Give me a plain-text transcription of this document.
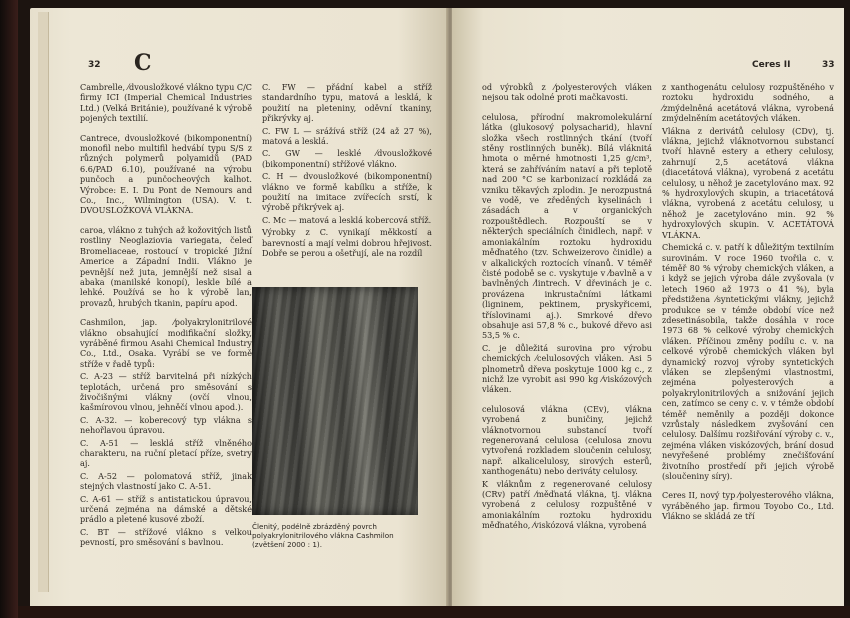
32 C

Cambrelle, ⁄dvousložkové vlákno typu C/C firmy ICI (Imperial Chemical Industries Ltd.) (Velká Británie), používané k výrobě pojených textilií.

Cantrece, dvousložkové (bikomponentní) monofil nebo multifil hedvábí typu S/S z různých polymerů polyamidů (PAD 6.6/PAD 6.10), používané na výrobu punčoch a punčocheových kalhot. Výrobce: E. I. Du Pont de Nemours and Co., Inc., Wilmington (USA). V. t. DVOUSLOŽKOVÁ VLÁKNA.

caroa, vlákno z tuhých až kožovitých listů rostliny Neoglaziovia variegata, čeleď Bromeliaceae, rostoucí v tropické Jižní Americe a Západní Indii. Vlákno je pevnější než juta, jemnější než sisal a abaka (manilské konopí), leskle bílé a lehké. Používá se ho k výrobě lan, provazů, hrubých tkanin, papíru apod.

Cashmilon, jap. ⁄polyakrylonitrilové vlákno obsahující modifikační složky, vyráběné firmou Asahi Chemical Industry Co., Ltd., Osaka. Vyrábí se ve formě stříže v řadě typů:

C. A-23 — stříž barvitelná při nízkých teplotách, určená pro směsování s živočišnými vlákny (ovčí vlnou, kašmírovou vlnou, jehněčí vlnou apod.).

C. A-32. — koberecový typ vlákna s nehořlavou úpravou.

C. A-51 — lesklá stříž vlněného charakteru, na ruční pletací příze, svetry aj.

C. A-52 — polomatová stříž, jinak stejných vlastností jako C. A-51.

C. A-61 — stříž s antistatickou úpravou, určená zejména na dámské a dětské prádlo a pletené kusové zboží.

C. BT — střížové vlákno s velkou pevností, pro směsování s bavlnou.

C. FW — přádní kabel a stříž standardního typu, matová a lesklá, k použití na pleteniny, oděvní tkaniny, přikrývky aj.

C. FW L — srážívá stříž (24 až 27 %), matová a lesklá.

C. GW — lesklé ⁄dvousložkové (bikomponentní) střížové vlákno.

C. H — dvousložkové (bikomponentní) vlákno ve formě kabílku a stříže, k použití na imitace zvířecích srstí, k výrobě přikrývek aj.

C. Mc — matová a lesklá kobercová stříž.

Výrobky z C. vynikají měkkostí a barevností a mají velmi dobrou hřejivost. Dobře se perou a ošetřují, ale na rozdíl

Členitý, podélně zbrázděný povrch polyakrylonitrilového vlákna Cashmilon (zvětšení 2000 : 1).
Ceres II	33

od výrobků z ⁄polyesterových vláken nejsou tak odolné proti mačkavosti.

celulosa, přírodní makromolekulární látka (glukosový polysacharid), hlavní složka všech rostlinných tkání (tvoří stěny rostlinných buněk). Bílá vláknitá hmota o měrné hmotnosti 1,25 g/cm³, která se zahříváním nataví a při teplotě nad 200 °C se karbonizací rozkládá za vzniku těkavých zplodin. Je nerozpustná ve vodě, ve zředěných kyselinách i zásadách a v organických rozpouštědlech. Rozpouští se v některých speciálních činidlech, např. v amoniakálním roztoku hydroxidu měďnatého (tzv. Schweizerovo činidle) a v alkalických roztocích vínanů. V téměř čisté podobě se c. vyskytuje v ⁄bavlně a v bavlněných ⁄lintrech. V dřevinách je c. provázena inkrustačními látkami (ligninem, pektinem, pryskyřicemi, tříslovinami aj.). Smrkové dřevo obsahuje asi 57,8 % c., bukové dřevo asi 53,5 % c.

C. je důležitá surovina pro výrobu chemických ⁄celulosových vláken. Asi 5 plnometrů dřeva poskytuje 1000 kg c., z nichž lze vyrobit asi 990 kg ⁄viskózových vláken.

celulosová vlákna (CEv), vlákna vyrobená z buničiny, jejichž vláknotvornou substancí tvoří regenerovaná celulosa (celulosa znovu vytvořená rozkladem sloučenin celulosy, např. alkalicelulosy, sirových esterů, xanthogenátu) nebo deriváty celulosy.

K vláknům z regenerované celulosy (CRv) patří ⁄měďnatá vlákna, tj. vlákna vyrobená z celulosy rozpuštěné v amoniakálním roztoku hydroxidu měďnatého, ⁄viskózová vlákna, vyrobená

z xanthogenátu celulosy rozpuštěného v roztoku hydroxidu sodného, a ⁄zmýdelněná acetátová vlákna, vyrobená zmýdelněním acetátových vláken.

Vlákna z derivátů celulosy (CDv), tj. vlákna, jejichž vláknotvornou substancí tvoří hlavně estery a ethery celulosy, zahrnují 2,5 acetátová vlákna (diacetátová vlákna), vyrobená z acetátu celulosy, u něhož je zacetylováno max. 92 % hydroxylových skupin, a triacetátová vlákna, vyrobená z acetátu celulosy, u něhož je zacetylováno min. 92 % hydroxylových skupin. V. ACETÁTOVÁ VLÁKNA.

Chemická c. v. patří k důležitým textilním surovinám. V roce 1960 tvořila c. v. téměř 80 % výroby chemických vláken, a i když se jejich výroba dále zvyšovala (v letech 1960 až 1973 o 41 %), byla předstižena ⁄syntetickými vlákny, jejichž produkce se v témže období více než zdesetinásobila, takže dosáhla v roce 1973 68 % celkové výroby chemických vláken. Příčinou změny podílu c. v. na celkové výrobě chemických vláken byl dynamický rozvoj výroby syntetických vláken se zlepšenými vlastnostmi, zejména polyesterových a polyakrylonitrilových a snižování jejich cen, zatímco se ceny c. v. v témže období téměř neměnily a později dokonce vzrůstaly následkem zvyšování cen celulosy. Dalšímu rozšiřování výroby c. v., zejména vláken viskózových, brání dosud nevyřešené problémy znečišťování životního prostředí při jejich výrobě (sloučeniny síry).

Ceres II, nový typ ⁄polyesterového vlákna, vyráběného jap. firmou Toyobo Co., Ltd. Vlákno se skládá ze tří
